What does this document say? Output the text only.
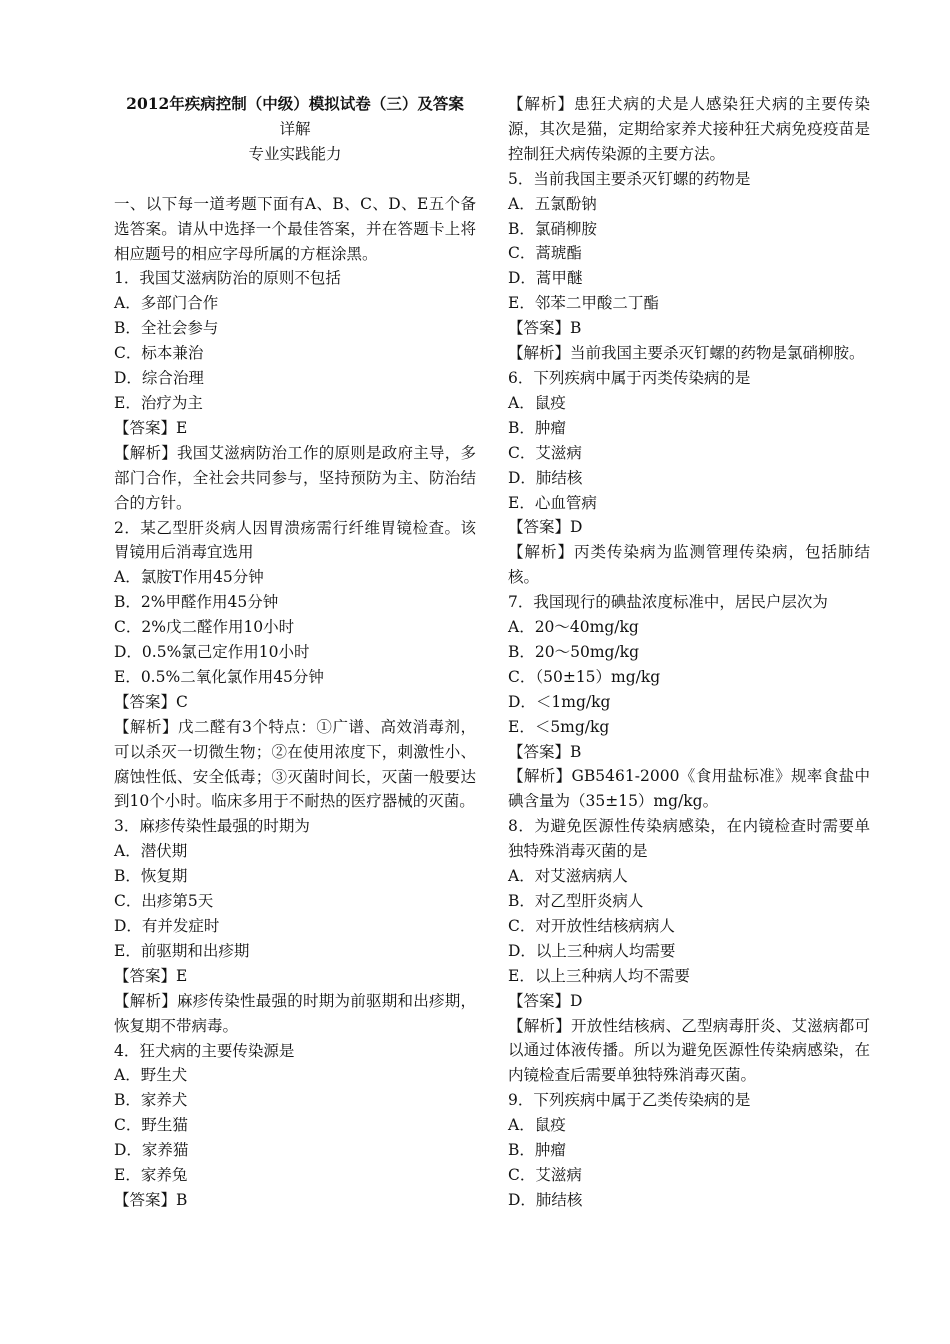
2012年疾病控制（中级）模拟试卷（三）及答案
详解
专业实践能力
一、以下每一道考题下面有A、B、C、D、E五个备选答案。请从中选择一个最佳答案，并在答题卡上将相应题号的相应字母所属的方框涂黑。
1．我国艾滋病防治的原则不包括
A．多部门合作
B．全社会参与
C．标本兼治
D．综合治理
E．治疗为主
【答案】E
【解析】我国艾滋病防治工作的原则是政府主导，多部门合作，全社会共同参与，坚持预防为主、防治结合的方针。
2．某乙型肝炎病人因胃溃疡需行纤维胃镜检查。该胃镜用后消毒宜选用
A．氯胺T作用45分钟
B．2%甲醛作用45分钟
C．2%戊二醛作用10小时
D．0.5%氯己定作用10小时
E．0.5%二氧化氯作用45分钟
【答案】C
【解析】戊二醛有3个特点：①广谱、高效消毒剂，可以杀灭一切微生物；②在使用浓度下，刺激性小、腐蚀性低、安全低毒；③灭菌时间长，灭菌一般要达到10个小时。临床多用于不耐热的医疗器械的灭菌。
3．麻疹传染性最强的时期为
A．潜伏期
B．恢复期
C．出疹第5天
D．有并发症时
E．前驱期和出疹期
【答案】E
【解析】麻疹传染性最强的时期为前驱期和出疹期，恢复期不带病毒。
4．狂犬病的主要传染源是
A．野生犬
B．家养犬
C．野生猫
D．家养猫
E．家养兔
【答案】B
【解析】患狂犬病的犬是人感染狂犬病的主要传染源，其次是猫，定期给家养犬接种狂犬病免疫疫苗是控制狂犬病传染源的主要方法。
5．当前我国主要杀灭钉螺的药物是
A．五氯酚钠
B．氯硝柳胺
C．蒿琥酯
D．蒿甲醚
E．邻苯二甲酸二丁酯
【答案】B
【解析】当前我国主要杀灭钉螺的药物是氯硝柳胺。
6．下列疾病中属于丙类传染病的是
A．鼠疫
B．肿瘤
C．艾滋病
D．肺结核
E．心血管病
【答案】D
【解析】丙类传染病为监测管理传染病，包括肺结核。
7．我国现行的碘盐浓度标准中，居民户层次为
A．20～40mg/kg
B．20～50mg/kg
C．（50±15）mg/kg
D．＜1mg/kg
E．＜5mg/kg
【答案】B
【解析】GB5461-2000《食用盐标准》规率食盐中碘含量为（35±15）mg/kg。
8．为避免医源性传染病感染，在内镜检查时需要单独特殊消毒灭菌的是
A．对艾滋病病人
B．对乙型肝炎病人
C．对开放性结核病病人
D．以上三种病人均需要
E．以上三种病人均不需要
【答案】D
【解析】开放性结核病、乙型病毒肝炎、艾滋病都可以通过体液传播。所以为避免医源性传染病感染，在内镜检查后需要单独特殊消毒灭菌。
9．下列疾病中属于乙类传染病的是
A．鼠疫
B．肿瘤
C．艾滋病
D．肺结核
